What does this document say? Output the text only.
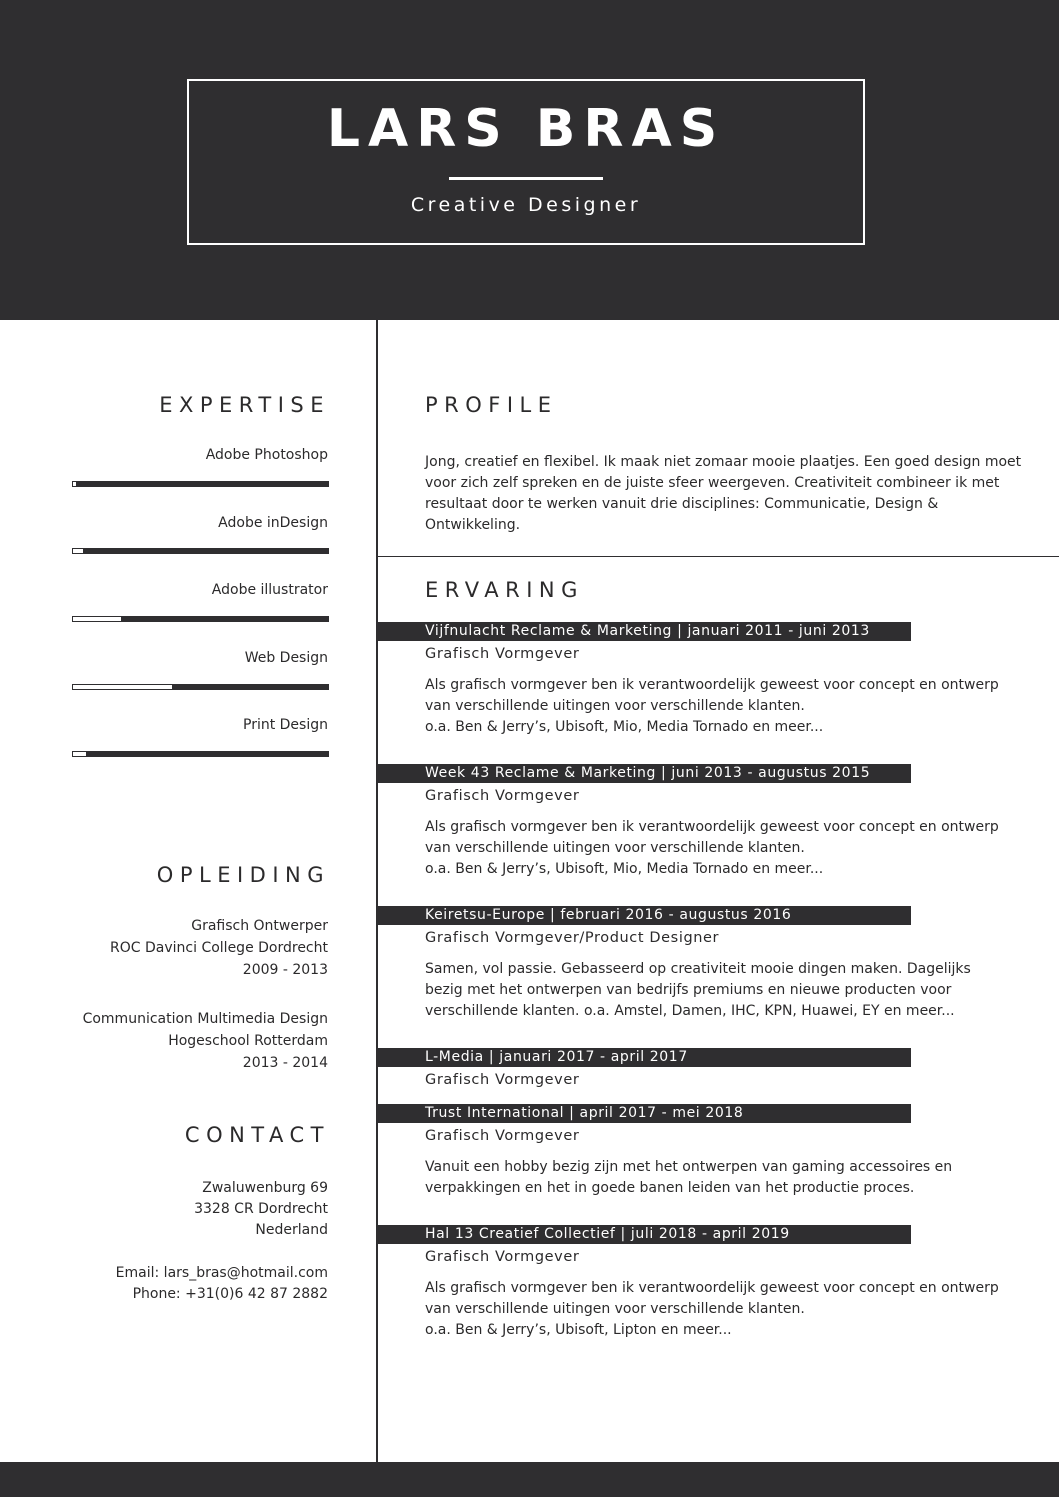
LARS BRAS
Creative Designer
EXPERTISE
Adobe Photoshop
Adobe inDesign
Adobe illustrator
Web Design
Print Design
OPLEIDING
Grafisch Ontwerper
ROC Davinci College Dordrecht
2009 - 2013
Communication Multimedia Design
Hogeschool Rotterdam
2013 - 2014
CONTACT
Zwaluwenburg 69
3328 CR Dordrecht
Nederland
Email: lars_bras@hotmail.com
Phone: +31(0)6 42 87 2882
PROFILE
Jong, creatief en flexibel. Ik maak niet zomaar mooie plaatjes. Een goed design moet voor zich zelf spreken en de juiste sfeer weergeven. Creativiteit combineer ik met resultaat door te werken vanuit drie disciplines: Communicatie, Design & Ontwikkeling.
ERVARING
Vijfnulacht Reclame & Marketing | januari 2011 - juni 2013
Grafisch Vormgever
Als grafisch vormgever ben ik verantwoordelijk geweest voor concept en ontwerp
van verschillende uitingen voor verschillende klanten.
o.a. Ben & Jerry’s, Ubisoft, Mio, Media Tornado en meer...
Week 43 Reclame & Marketing | juni 2013 - augustus 2015
Grafisch Vormgever
Als grafisch vormgever ben ik verantwoordelijk geweest voor concept en ontwerp
van verschillende uitingen voor verschillende klanten.
o.a. Ben & Jerry’s, Ubisoft, Mio, Media Tornado en meer...
Keiretsu-Europe | februari 2016 - augustus 2016
Grafisch Vormgever/Product Designer
Samen, vol passie. Gebasseerd op creativiteit mooie dingen maken. Dagelijks
bezig met het ontwerpen van bedrijfs premiums en nieuwe producten voor
verschillende klanten. o.a. Amstel, Damen, IHC, KPN, Huawei, EY en meer...
L-Media | januari 2017 - april 2017
Grafisch Vormgever
Trust International | april 2017 - mei 2018
Grafisch Vormgever
Vanuit een hobby bezig zijn met het ontwerpen van gaming accessoires en
verpakkingen en het in goede banen leiden van het productie proces.
Hal 13 Creatief Collectief | juli 2018 - april 2019
Grafisch Vormgever
Als grafisch vormgever ben ik verantwoordelijk geweest voor concept en ontwerp
van verschillende uitingen voor verschillende klanten.
o.a. Ben & Jerry’s, Ubisoft, Lipton en meer...
